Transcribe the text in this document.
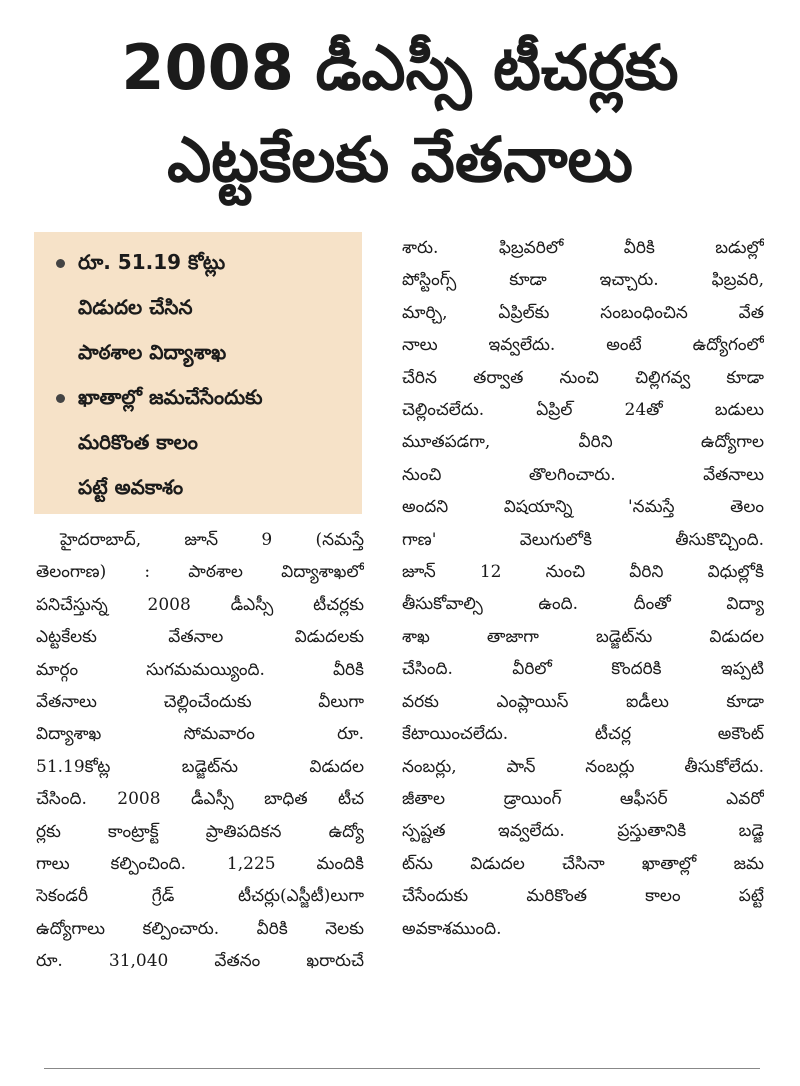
2008 డీఎస్సీ టీచర్లకు
ఎట్టకేలకు వేతనాలు
రూ. 51.19 కోట్లు
విడుదల చేసిన
పాఠశాల విద్యాశాఖ
ఖాతాల్లో జమచేసేందుకు
మరికొంత కాలం
పట్టే అవకాశం
హైదరాబాద్, జూన్ 9 (నమస్తే
తెలంగాణ) : పాఠశాల విద్యాశాఖలో
పనిచేస్తున్న 2008 డీఎస్సీ టీచర్లకు
ఎట్టకేలకు వేతనాల విడుదలకు
మార్గం సుగమమయ్యింది. వీరికి
వేతనాలు చెల్లించేందుకు వీలుగా
విద్యాశాఖ సోమవారం రూ.
51.19కోట్ల బడ్జెట్‌ను విడుదల
చేసింది. 2008 డీఎస్సీ బాధిత టీచ
ర్లకు కాంట్రాక్ట్ ప్రాతిపదికన ఉద్యో
గాలు కల్పించింది. 1,225 మందికి
సెకండరీ గ్రేడ్ టీచర్లు(ఎస్జీటీ)లుగా
ఉద్యోగాలు కల్పించారు. వీరికి నెలకు
రూ. 31,040 వేతనం ఖరారుచే
శారు. ఫిబ్రవరిలో వీరికి బడుల్లో
పోస్టింగ్స్ కూడా ఇచ్చారు. ఫిబ్రవరి,
మార్చి, ఏప్రిల్‌కు సంబంధించిన వేత
నాలు ఇవ్వలేదు. అంటే ఉద్యోగంలో
చేరిన తర్వాత నుంచి చిల్లిగవ్వ కూడా
చెల్లించలేదు. ఏప్రిల్ 24తో బడులు
మూతపడగా, వీరిని ఉద్యోగాల
నుంచి తొలగించారు. వేతనాలు
అందని విషయాన్ని 'నమస్తే తెలం
గాణ' వెలుగులోకి తీసుకొచ్చింది.
జూన్ 12 నుంచి వీరిని విధుల్లోకి
తీసుకోవాల్సి ఉంది. దీంతో విద్యా
శాఖ తాజాగా బడ్జెట్‌ను విడుదల
చేసింది. వీరిలో కొందరికి ఇప్పటి
వరకు ఎంప్లాయిస్ ఐడీలు కూడా
కేటాయించలేదు. టీచర్ల అకౌంట్
నంబర్లు, పాన్ నంబర్లు తీసుకోలేదు.
జీతాల డ్రాయింగ్ ఆఫీసర్ ఎవరో
స్పష్టత ఇవ్వలేదు. ప్రస్తుతానికి బడ్జె
ట్‌ను విడుదల చేసినా ఖాతాల్లో జమ
చేసేందుకు మరికొంత కాలం పట్టే
అవకాశముంది.
